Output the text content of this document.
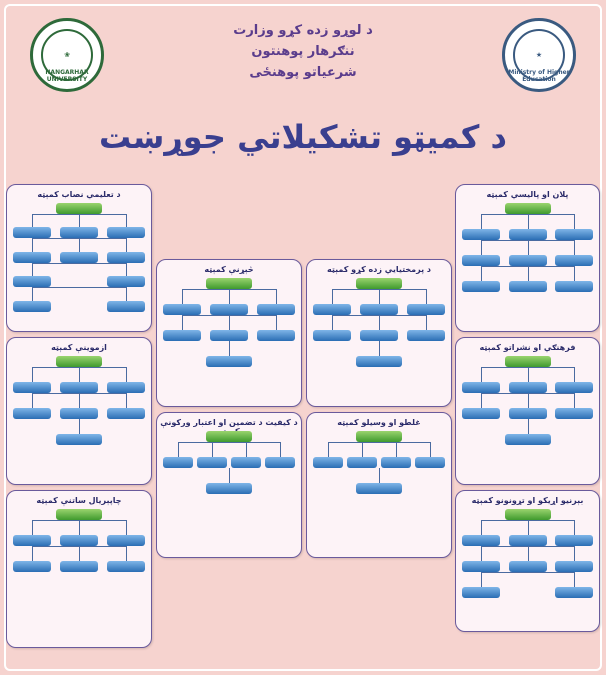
❀
NANGARHAR UNIVERSITY
★
Ministry of Higher Education
د لوړو زده کړو وزارت
ننګرهار پوهنتون
شرعیاتو پوهنځی
د کمیټو تشکیلاتي جوړښت
د تعلیمي نصاب کمېټه
ازموینې کمېټه
چاپېریال ساتنې کمېټه
څېړنې کمېټه
د کیفیت د تضمین او اعتبار ورکونې
د پرمختیايي زده کړو کمېټه
غلطو او وسیلو کمېټه
پلان او پالیسي کمېټه
فرهنګي او نشراتو کمېټه
بېرنیو اړیکو او تړونونو کمېټه
